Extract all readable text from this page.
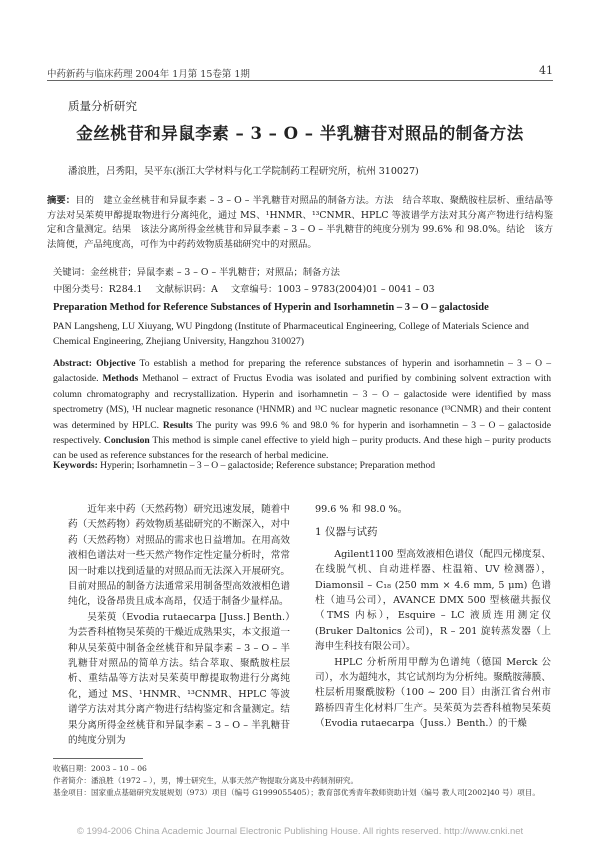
中药新药与临床药理 2004年 1月第 15卷第 1期	41
质量分析研究
金丝桃苷和异鼠李素 – 3 – O – 半乳糖苷对照品的制备方法
潘浪胜，吕秀阳，吴平东(浙江大学材料与化工学院制药工程研究所，杭州 310027)
摘要：目的　建立金丝桃苷和异鼠李素 – 3 – O – 半乳糖苷对照品的制备方法。方法　结合萃取、聚酰胺柱层析、重结晶等方法对吴茱萸甲醇提取物进行分离纯化，通过 MS、¹HNMR、¹³CNMR、HPLC 等波谱学方法对其分离产物进行结构鉴定和含量测定。结果　该法分离所得金丝桃苷和异鼠李素 – 3 – O – 半乳糖苷的纯度分别为 99.6% 和 98.0%。结论　该方法简便，产品纯度高，可作为中药药效物质基础研究中的对照品。
关键词：金丝桃苷；异鼠李素 – 3 – O – 半乳糖苷；对照品；制备方法
中图分类号：R284.1 文献标识码：A 文章编号：1003 – 9783(2004)01 – 0041 – 03
Preparation Method for Reference Substances of Hyperin and Isorhamnetin – 3 – O – galactoside
PAN Langsheng, LU Xiuyang, WU Pingdong (Institute of Pharmaceutical Engineering, College of Materials Science and Chemical Engineering, Zhejiang University, Hangzhou 310027)
Abstract: Objective To establish a method for preparing the reference substances of hyperin and isorhamnetin – 3 – O – galactoside. Methods Methanol – extract of Fructus Evodia was isolated and purified by combining solvent extraction with column chromatography and recrystallization. Hyperin and isorhamnetin – 3 – O – galactoside were identified by mass spectrometry (MS), ¹H nuclear magnetic resonance (¹HNMR) and ¹³C nuclear magnetic resonance (¹³CNMR) and their content was determined by HPLC. Results The purity was 99.6 % and 98.0 % for hyperin and isorhamnetin – 3 – O – galactoside respectively. Conclusion This method is simple canel effective to yield high – purity products. And these high – purity products can be used as reference substances for the research of herbal medicine.
Keywords: Hyperin; Isorhamnetin – 3 – O – galactoside; Reference substance; Preparation method

近年来中药（天然药物）研究迅速发展，随着中药（天然药物）药效物质基础研究的不断深入，对中药（天然药物）对照品的需求也日益增加。在用高效液相色谱法对一些天然产物作定性定量分析时，常常因一时难以找到适量的对照品而无法深入开展研究。目前对照品的制备方法通常采用制备型高效液相色谱纯化，设备昂贵且成本高昂，仅适于制备少量样品。

吴茱萸（Evodia rutaecarpa [Juss.] Benth.）为芸香科植物吴茱萸的干燥近成熟果实，本文报道一种从吴茱萸中制备金丝桃苷和异鼠李素 – 3 – O – 半乳糖苷对照品的简单方法。结合萃取、聚酰胺柱层析、重结晶等方法对吴茱萸甲醇提取物进行分离纯化，通过 MS、¹HNMR、¹³CNMR、HPLC 等波谱学方法对其分离产物进行结构鉴定和含量测定。结果分离所得金丝桃苷和异鼠李素 – 3 – O – 半乳糖苷的纯度分别为

99.6 % 和 98.0 %。

1 仪器与试药

Agilent1100 型高效液相色谱仪（配四元梯度泵、在线脱气机、自动进样器、柱温箱、UV 检测器），Diamonsil – C₁₈ (250 mm × 4.6 mm, 5 μm) 色谱柱（迪马公司），AVANCE DMX 500 型核磁共振仪（TMS 内标），Esquire – LC 液质连用测定仪(Bruker Daltonics 公司)，R – 201 旋转蒸发器（上海申生科技有限公司）。

HPLC 分析所用甲醇为色谱纯（德国 Merck 公司），水为超纯水，其它试剂均为分析纯。聚酰胺薄膜、柱层析用聚酰胺粉（100 ~ 200 目）由浙江省台州市路桥四青生化材料厂生产。吴茱萸为芸香科植物吴茱萸（Evodia rutaecarpa（Juss.）Benth.）的干燥

收稿日期：2003 – 10 – 06
作者简介：潘浪胜（1972 – ），男，博士研究生，从事天然产物提取分离及中药制剂研究。
基金项目：国家重点基础研究发展规划（973）项目（编号 G1999055405）；教育部优秀青年教师资助计划（编号 教人司[2002]40 号）项目。
© 1994-2006 China Academic Journal Electronic Publishing House. All rights reserved. http://www.cnki.net
